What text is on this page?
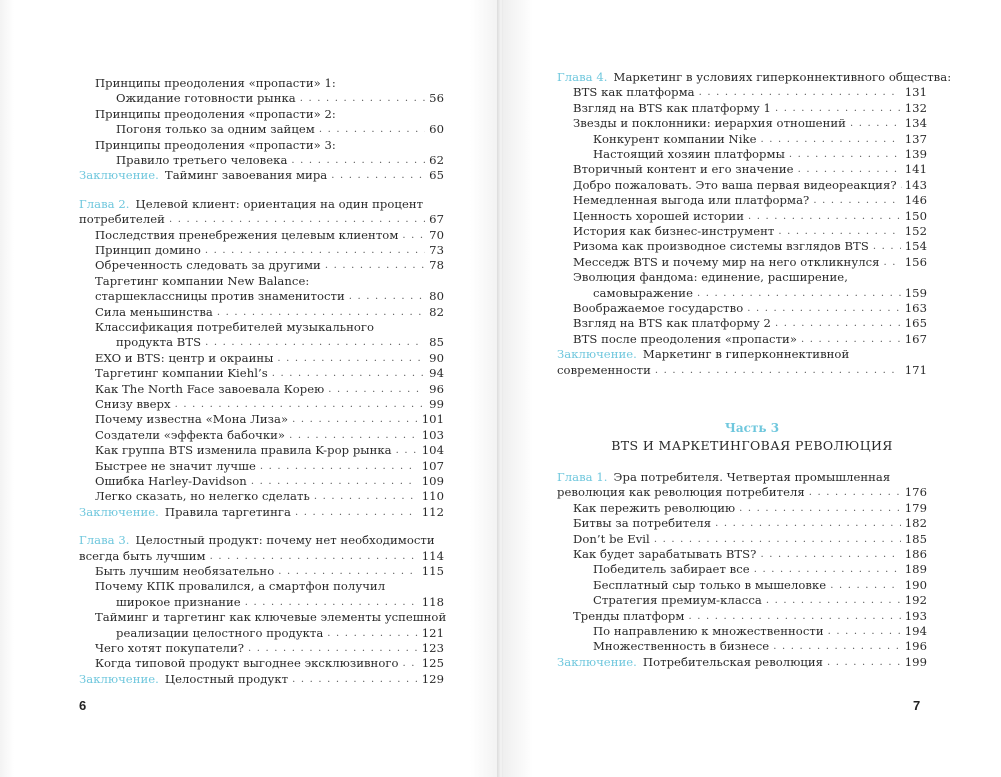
Принципы преодоления «пропасти» 1:
Ожидание готовности рынка . . .	56
Принципы преодоления «пропасти» 2:
Погоня только за одним зайцем . . .	60
Принципы преодоления «пропасти» 3:
Правило третьего человека . . .	62
Заключение. Тайминг завоевания мира . . .	65
Глава 2. Целевой клиент: ориентация на один процент
потребителей . . .	67
Последствия пренебрежения целевым клиентом . . .	70
Принцип домино . . .	73
Обреченность следовать за другими . . .	78
Таргетинг компании New Balance:
старшеклассницы против знаменитости . . .	80
Сила меньшинства . . .	82
Классификация потребителей музыкального
продукта BTS . . .	85
EXO и BTS: центр и окраины . . .	90
Таргетинг компании Kiehl’s . . .	94
Как The North Face завоевала Корею . . .	96
Снизу вверх . . .	99
Почему известна «Мона Лиза» . . .	101
Создатели «эффекта бабочки» . . .	103
Как группа BTS изменила правила K-pop рынка . . .	104
Быстрее не значит лучше . . .	107
Ошибка Harley-Davidson . . .	109
Легко сказать, но нелегко сделать . . .	110
Заключение. Правила таргетинга . . .	112
Глава 3. Целостный продукт: почему нет необходимости
всегда быть лучшим . . .	114
Быть лучшим необязательно . . .	115
Почему КПК провалился, а смартфон получил
широкое признание . . .	118
Тайминг и таргетинг как ключевые элементы успешной
реализации целостного продукта . . .	121
Чего хотят покупатели? . . .	123
Когда типовой продукт выгоднее эксклюзивного . . . 125
Заключение. Целостный продукт . . .	129
6
Глава 4. Маркетинг в условиях гиперконнективного общества:
BTS как платформа . . .	131
Взгляд на BTS как платформу 1 . . .	132
Звезды и поклонники: иерархия отношений . . .	134
Конкурент компании Nike . . .	137
Настоящий хозяин платформы . . .	139
Вторичный контент и его значение . . .	141
Добро пожаловать. Это ваша первая видеореакция? . . . 143
Немедленная выгода или платформа? . . .	146
Ценность хорошей истории . . .	150
История как бизнес-инструмент . . .	152
Ризома как производное системы взглядов BTS . . .	154
Месседж BTS и почему мир на него откликнулся . . . 156
Эволюция фандома: единение, расширение,
самовыражение . . .	159
Воображаемое государство . . .	163
Взгляд на BTS как платформу 2 . . .	165
BTS после преодоления «пропасти» . . .	167
Заключение. Маркетинг в гиперконнективной
современности . . .	171
Часть 3
BTS И МАРКЕТИНГОВАЯ РЕВОЛЮЦИЯ
Глава 1. Эра потребителя. Четвертая промышленная
революция как революция потребителя . . .	176
Как пережить революцию . . .	179
Битвы за потребителя . . .	182
Don’t be Evil . . .	185
Как будет зарабатывать BTS? . . .	186
Победитель забирает все . . .	189
Бесплатный сыр только в мышеловке . . .	190
Стратегия премиум-класса . . .	192
Тренды платформ . . .	193
По направлению к множественности . . .	194
Множественность в бизнесе . . .	196
Заключение. Потребительская революция . . .	199
7
